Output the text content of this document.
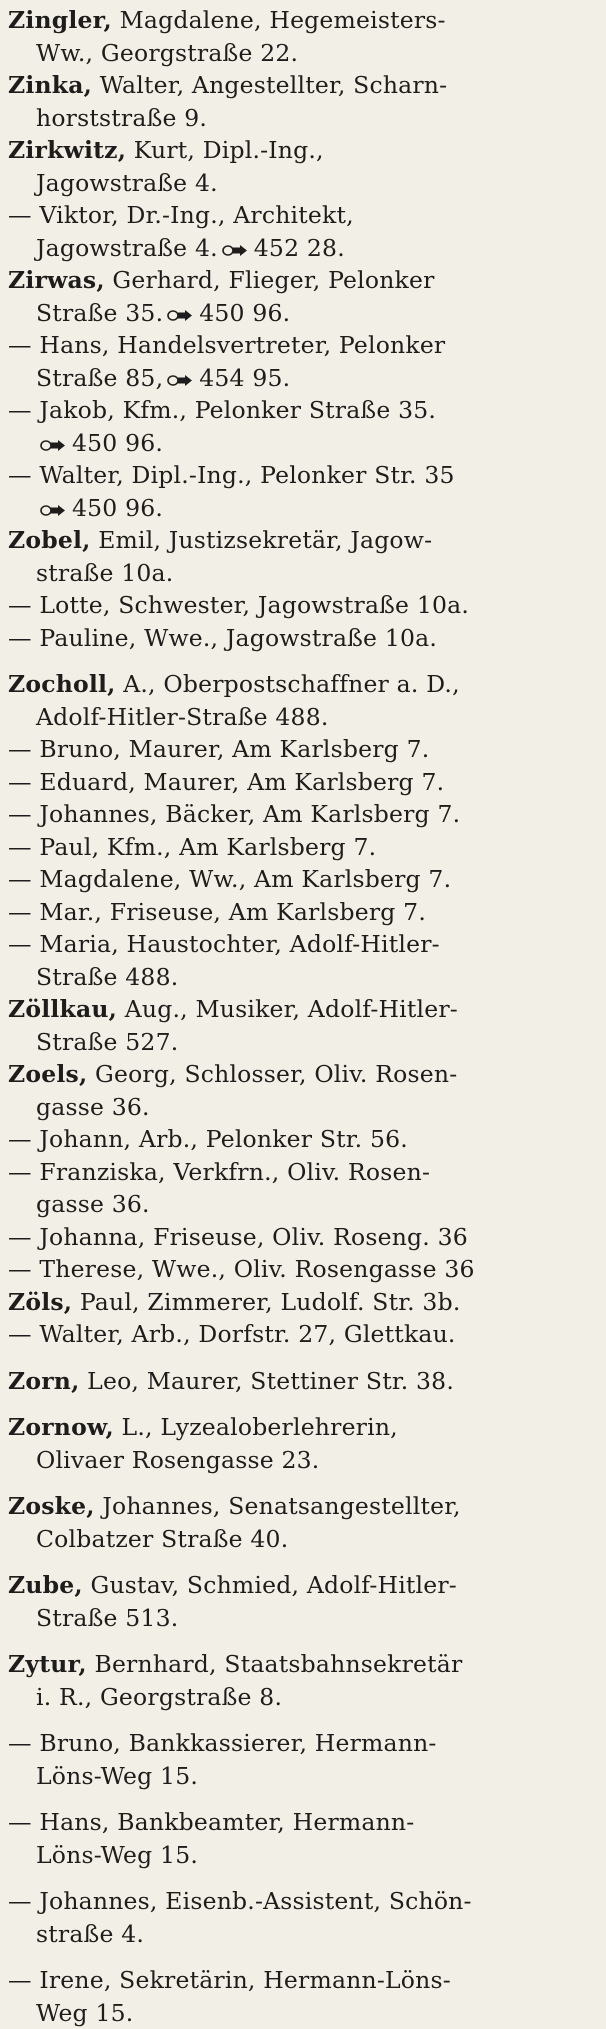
Zingler, Magdalene, Hegemeisters-
Ww., Georgstraße 22.
Zinka, Walter, Angestellter, Scharn-
horststraße 9.
Zirkwitz, Kurt, Dipl.-Ing.,
Jagowstraße 4.
— Viktor, Dr.-Ing., Architekt,
Jagowstraße 4. 452 28.
Zirwas, Gerhard, Flieger, Pelonker
Straße 35. 450 96.
— Hans, Handelsvertreter, Pelonker
Straße 85, 454 95.
— Jakob, Kfm., Pelonker Straße 35.
450 96.
— Walter, Dipl.-Ing., Pelonker Str. 35
450 96.
Zobel, Emil, Justizsekretär, Jagow-
straße 10a.
— Lotte, Schwester, Jagowstraße 10a.
— Pauline, Wwe., Jagowstraße 10a.
Zocholl, A., Oberpostschaffner a. D.,
Adolf-Hitler-Straße 488.
— Bruno, Maurer, Am Karlsberg 7.
— Eduard, Maurer, Am Karlsberg 7.
— Johannes, Bäcker, Am Karlsberg 7.
— Paul, Kfm., Am Karlsberg 7.
— Magdalene, Ww., Am Karlsberg 7.
— Mar., Friseuse, Am Karlsberg 7.
— Maria, Haustochter, Adolf-Hitler-
Straße 488.
Zöllkau, Aug., Musiker, Adolf-Hitler-
Straße 527.
Zoels, Georg, Schlosser, Oliv. Rosen-
gasse 36.
— Johann, Arb., Pelonker Str. 56.
— Franziska, Verkfrn., Oliv. Rosen-
gasse 36.
— Johanna, Friseuse, Oliv. Roseng. 36
— Therese, Wwe., Oliv. Rosengasse 36
Zöls, Paul, Zimmerer, Ludolf. Str. 3b.
— Walter, Arb., Dorfstr. 27, Glettkau.
Zorn, Leo, Maurer, Stettiner Str. 38.
Zornow, L., Lyzealoberlehrerin,
Olivaer Rosengasse 23.
Zoske, Johannes, Senatsangestellter,
Colbatzer Straße 40.
Zube, Gustav, Schmied, Adolf-Hitler-
Straße 513.
Zytur, Bernhard, Staatsbahnsekretär
i. R., Georgstraße 8.
— Bruno, Bankkassierer, Hermann-
Löns-Weg 15.
— Hans, Bankbeamter, Hermann-
Löns-Weg 15.
— Johannes, Eisenb.-Assistent, Schön-
straße 4.
— Irene, Sekretärin, Hermann-Löns-
Weg 15.
